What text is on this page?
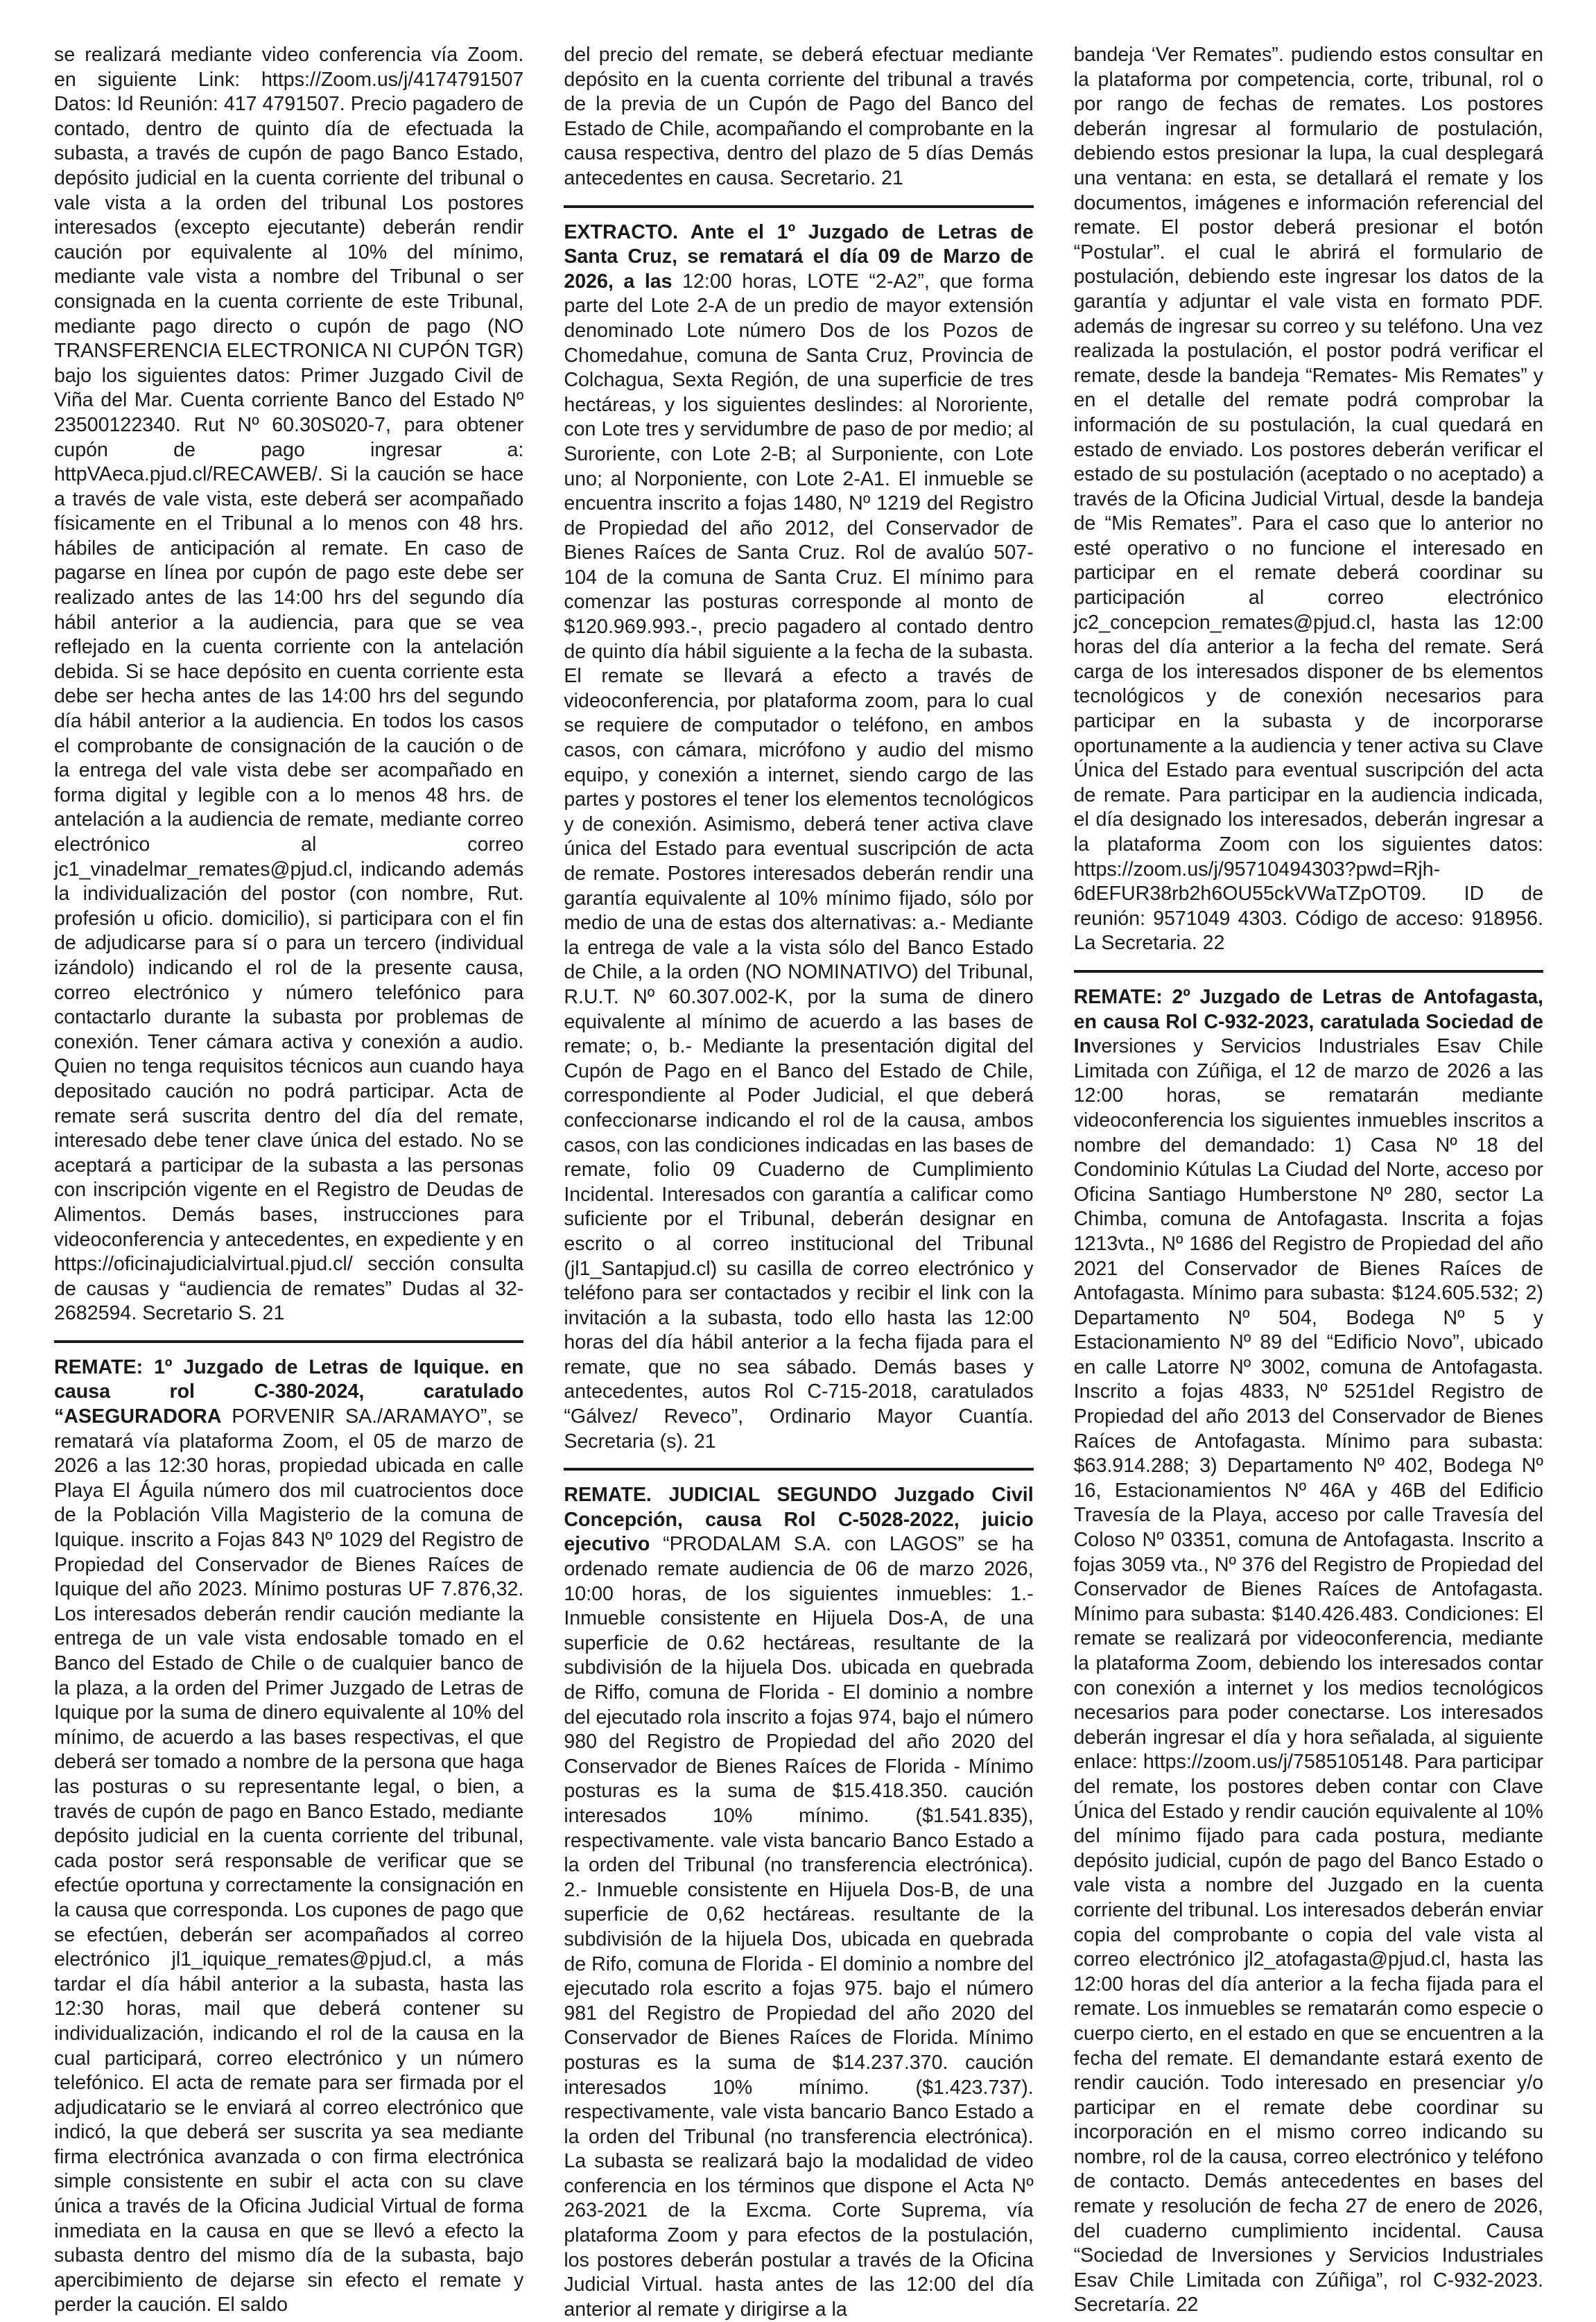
se realizará mediante video conferencia vía Zoom. en siguiente Link: https://Zoom.us/j/4174791507 Datos: Id Reunión: 417 4791507. Precio pagadero de contado, dentro de quinto día de efectuada la subasta, a través de cupón de pago Banco Estado, depósito judicial en la cuenta corriente del tribunal o vale vista a la orden del tribunal Los postores interesados (excepto ejecutante) deberán rendir caución por equivalente al 10% del mínimo, mediante vale vista a nombre del Tribunal o ser consignada en la cuenta corriente de este Tribunal, mediante pago directo o cupón de pago (NO TRANSFERENCIA ELECTRONICA NI CUPÓN TGR) bajo los siguientes datos: Primer Juzgado Civil de Viña del Mar. Cuenta corriente Banco del Estado Nº 23500122340. Rut Nº 60.30S020-7, para obtener cupón de pago ingresar a: httpVAeca.pjud.cl/RECAWEB/. Si la caución se hace a través de vale vista, este deberá ser acompañado físicamente en el Tribunal a lo menos con 48 hrs. hábiles de anticipación al remate. En caso de pagarse en línea por cupón de pago este debe ser realizado antes de las 14:00 hrs del segundo día hábil anterior a la audiencia, para que se vea reflejado en la cuenta corriente con la antelación debida. Si se hace depósito en cuenta corriente esta debe ser hecha antes de las 14:00 hrs del segundo día hábil anterior a la audiencia. En todos los casos el comprobante de consignación de la caución o de la entrega del vale vista debe ser acompañado en forma digital y legible con a lo menos 48 hrs. de antelación a la audiencia de remate, mediante correo electrónico al correo jc1_vinadelmar_remates@pjud.cl, indicando además la individualización del postor (con nombre, Rut. profesión u oficio. domicilio), si participara con el fin de adjudicarse para sí o para un tercero (individual izándolo) indicando el rol de la presente causa, correo electrónico y número telefónico para contactarlo durante la subasta por problemas de conexión. Tener cámara activa y conexión a audio. Quien no tenga requisitos técnicos aun cuando haya depositado caución no podrá participar. Acta de remate será suscrita dentro del día del remate, interesado debe tener clave única del estado. No se aceptará a participar de la subasta a las personas con inscripción vigente en el Registro de Deudas de Alimentos. Demás bases, instrucciones para videoconferencia y antecedentes, en expediente y en https://oficinajudicialvirtual.pjud.cl/ sección consulta de causas y “audiencia de remates” Dudas al 32-2682594. Secretario S. 21

REMATE: 1º Juzgado de Letras de Iquique. en causa rol C-380-2024, caratulado “ASEGURADORA PORVENIR SA./ARAMAYO”, se rematará vía plataforma Zoom, el 05 de marzo de 2026 a las 12:30 horas, propiedad ubicada en calle Playa El Águila número dos mil cuatrocientos doce de la Población Villa Magisterio de la comuna de Iquique. inscrito a Fojas 843 Nº 1029 del Registro de Propiedad del Conservador de Bienes Raíces de Iquique del año 2023. Mínimo posturas UF 7.876,32. Los interesados deberán rendir caución mediante la entrega de un vale vista endosable tomado en el Banco del Estado de Chile o de cualquier banco de la plaza, a la orden del Primer Juzgado de Letras de Iquique por la suma de dinero equivalente al 10% del mínimo, de acuerdo a las bases respectivas, el que deberá ser tomado a nombre de la persona que haga las posturas o su representante legal, o bien, a través de cupón de pago en Banco Estado, mediante depósito judicial en la cuenta corriente del tribunal, cada postor será responsable de verificar que se efectúe oportuna y correctamente la consignación en la causa que corresponda. Los cupones de pago que se efectúen, deberán ser acompañados al correo electrónico jl1_iquique_remates@pjud.cl, a más tardar el día hábil anterior a la subasta, hasta las 12:30 horas, mail que deberá contener su individualización, indicando el rol de la causa en la cual participará, correo electrónico y un número telefónico. El acta de remate para ser firmada por el adjudicatario se le enviará al correo electrónico que indicó, la que deberá ser suscrita ya sea mediante firma electrónica avanzada o con firma electrónica simple consistente en subir el acta con su clave única a través de la Oficina Judicial Virtual de forma inmediata en la causa en que se llevó a efecto la subasta dentro del mismo día de la subasta, bajo apercibimiento de dejarse sin efecto el remate y perder la caución. El saldo

del precio del remate, se deberá efectuar mediante depósito en la cuenta corriente del tribunal a través de la previa de un Cupón de Pago del Banco del Estado de Chile, acompañando el comprobante en la causa respectiva, dentro del plazo de 5 días Demás antecedentes en causa. Secretario. 21

EXTRACTO. Ante el 1º Juzgado de Letras de Santa Cruz, se rematará el día 09 de Marzo de 2026, a las 12:00 horas, LOTE “2-A2”, que forma parte del Lote 2-A de un predio de mayor extensión denominado Lote número Dos de los Pozos de Chomedahue, comuna de Santa Cruz, Provincia de Colchagua, Sexta Región, de una superficie de tres hectáreas, y los siguientes deslindes: al Nororiente, con Lote tres y servidumbre de paso de por medio; al Suroriente, con Lote 2-B; al Surponiente, con Lote uno; al Norponiente, con Lote 2-A1. El inmueble se encuentra inscrito a fojas 1480, Nº 1219 del Registro de Propiedad del año 2012, del Conservador de Bienes Raíces de Santa Cruz. Rol de avalúo 507-104 de la comuna de Santa Cruz. El mínimo para comenzar las posturas corresponde al monto de $120.969.993.-, precio pagadero al contado dentro de quinto día hábil siguiente a la fecha de la subasta. El remate se llevará a efecto a través de videoconferencia, por plataforma zoom, para lo cual se requiere de computador o teléfono, en ambos casos, con cámara, micrófono y audio del mismo equipo, y conexión a internet, siendo cargo de las partes y postores el tener los elementos tecnológicos y de conexión. Asimismo, deberá tener activa clave única del Estado para eventual suscripción de acta de remate. Postores interesados deberán rendir una garantía equivalente al 10% mínimo fijado, sólo por medio de una de estas dos alternativas: a.- Mediante la entrega de vale a la vista sólo del Banco Estado de Chile, a la orden (NO NOMINATIVO) del Tribunal, R.U.T. Nº 60.307.002-K, por la suma de dinero equivalente al mínimo de acuerdo a las bases de remate; o, b.- Mediante la presentación digital del Cupón de Pago en el Banco del Estado de Chile, correspondiente al Poder Judicial, el que deberá confeccionarse indicando el rol de la causa, ambos casos, con las condiciones indicadas en las bases de remate, folio 09 Cuaderno de Cumplimiento Incidental. Interesados con garantía a calificar como suficiente por el Tribunal, deberán designar en escrito o al correo institucional del Tribunal (jl1_Santapjud.cl) su casilla de correo electrónico y teléfono para ser contactados y recibir el link con la invitación a la subasta, todo ello hasta las 12:00 horas del día hábil anterior a la fecha fijada para el remate, que no sea sábado. Demás bases y antecedentes, autos Rol C-715-2018, caratulados “Gálvez/ Reveco”, Ordinario Mayor Cuantía. Secretaria (s). 21

REMATE. JUDICIAL SEGUNDO Juzgado Civil Concepción, causa Rol C-5028-2022, juicio ejecutivo “PRODALAM S.A. con LAGOS” se ha ordenado remate audiencia de 06 de marzo 2026, 10:00 horas, de los siguientes inmuebles: 1.- Inmueble consistente en Hijuela Dos-A, de una superficie de 0.62 hectáreas, resultante de la subdivisión de la hijuela Dos. ubicada en quebrada de Riffo, comuna de Florida - El dominio a nombre del ejecutado rola inscrito a fojas 974, bajo el número 980 del Registro de Propiedad del año 2020 del Conservador de Bienes Raíces de Florida - Mínimo posturas es la suma de $15.418.350. caución interesados 10% mínimo. ($1.541.835), respectivamente. vale vista bancario Banco Estado a la orden del Tribunal (no transferencia electrónica). 2.- Inmueble consistente en Hijuela Dos-B, de una superficie de 0,62 hectáreas. resultante de la subdivisión de la hijuela Dos, ubicada en quebrada de Rifo, comuna de Florida - El dominio a nombre del ejecutado rola escrito a fojas 975. bajo el número 981 del Registro de Propiedad del año 2020 del Conservador de Bienes Raíces de Florida. Mínimo posturas es la suma de $14.237.370. caución interesados 10% mínimo. ($1.423.737). respectivamente, vale vista bancario Banco Estado a la orden del Tribunal (no transferencia electrónica). La subasta se realizará bajo la modalidad de video conferencia en los términos que dispone el Acta Nº 263-2021 de la Excma. Corte Suprema, vía plataforma Zoom y para efectos de la postulación, los postores deberán postular a través de la Oficina Judicial Virtual. hasta antes de las 12:00 del día anterior al remate y dirigirse a la

bandeja ‘Ver Remates”. pudiendo estos consultar en la plataforma por competencia, corte, tribunal, rol o por rango de fechas de remates. Los postores deberán ingresar al formulario de postulación, debiendo estos presionar la lupa, la cual desplegará una ventana: en esta, se detallará el remate y los documentos, imágenes e información referencial del remate. El postor deberá presionar el botón “Postular”. el cual le abrirá el formulario de postulación, debiendo este ingresar los datos de la garantía y adjuntar el vale vista en formato PDF. además de ingresar su correo y su teléfono. Una vez realizada la postulación, el postor podrá verificar el remate, desde la bandeja “Remates- Mis Remates” y en el detalle del remate podrá comprobar la información de su postulación, la cual quedará en estado de enviado. Los postores deberán verificar el estado de su postulación (aceptado o no aceptado) a través de la Oficina Judicial Virtual, desde la bandeja de “Mis Remates”. Para el caso que lo anterior no esté operativo o no funcione el interesado en participar en el remate deberá coordinar su participación al correo electrónico jc2_concepcion_remates@pjud.cl, hasta las 12:00 horas del día anterior a la fecha del remate. Será carga de los interesados disponer de bs elementos tecnológicos y de conexión necesarios para participar en la subasta y de incorporarse oportunamente a la audiencia y tener activa su Clave Única del Estado para eventual suscripción del acta de remate. Para participar en la audiencia indicada, el día designado los interesados, deberán ingresar a la plataforma Zoom con los siguientes datos: https://zoom.us/j/95710494303?pwd=Rjh-6dEFUR38rb2h6OU55ckVWaTZpOT09. ID de reunión: 9571049 4303. Código de acceso: 918956. La Secretaria. 22

REMATE: 2º Juzgado de Letras de Antofagasta, en causa Rol C-932-2023, caratulada Sociedad de Inversiones y Servicios Industriales Esav Chile Limitada con Zúñiga, el 12 de marzo de 2026 a las 12:00 horas, se rematarán mediante videoconferencia los siguientes inmuebles inscritos a nombre del demandado: 1) Casa Nº 18 del Condominio Kútulas La Ciudad del Norte, acceso por Oficina Santiago Humberstone Nº 280, sector La Chimba, comuna de Antofagasta. Inscrita a fojas 1213vta., Nº 1686 del Registro de Propiedad del año 2021 del Conservador de Bienes Raíces de Antofagasta. Mínimo para subasta: $124.605.532; 2) Departamento Nº 504, Bodega Nº 5 y Estacionamiento Nº 89 del “Edificio Novo”, ubicado en calle Latorre Nº 3002, comuna de Antofagasta. Inscrito a fojas 4833, Nº 5251del Registro de Propiedad del año 2013 del Conservador de Bienes Raíces de Antofagasta. Mínimo para subasta: $63.914.288; 3) Departamento Nº 402, Bodega Nº 16, Estacionamientos Nº 46A y 46B del Edificio Travesía de la Playa, acceso por calle Travesía del Coloso Nº 03351, comuna de Antofagasta. Inscrito a fojas 3059 vta., Nº 376 del Registro de Propiedad del Conservador de Bienes Raíces de Antofagasta. Mínimo para subasta: $140.426.483. Condiciones: El remate se realizará por videoconferencia, mediante la plataforma Zoom, debiendo los interesados contar con conexión a internet y los medios tecnológicos necesarios para poder conectarse. Los interesados deberán ingresar el día y hora señalada, al siguiente enlace: https://zoom.us/j/7585105148. Para participar del remate, los postores deben contar con Clave Única del Estado y rendir caución equivalente al 10% del mínimo fijado para cada postura, mediante depósito judicial, cupón de pago del Banco Estado o vale vista a nombre del Juzgado en la cuenta corriente del tribunal. Los interesados deberán enviar copia del comprobante o copia del vale vista al correo electrónico jl2_atofagasta@pjud.cl, hasta las 12:00 horas del día anterior a la fecha fijada para el remate. Los inmuebles se rematarán como especie o cuerpo cierto, en el estado en que se encuentren a la fecha del remate. El demandante estará exento de rendir caución. Todo interesado en presenciar y/o participar en el remate debe coordinar su incorporación en el mismo correo indicando su nombre, rol de la causa, correo electrónico y teléfono de contacto. Demás antecedentes en bases del remate y resolución de fecha 27 de enero de 2026, del cuaderno cumplimiento incidental. Causa “Sociedad de Inversiones y Servicios Industriales Esav Chile Limitada con Zúñiga”, rol C-932-2023. Secretaría. 22
